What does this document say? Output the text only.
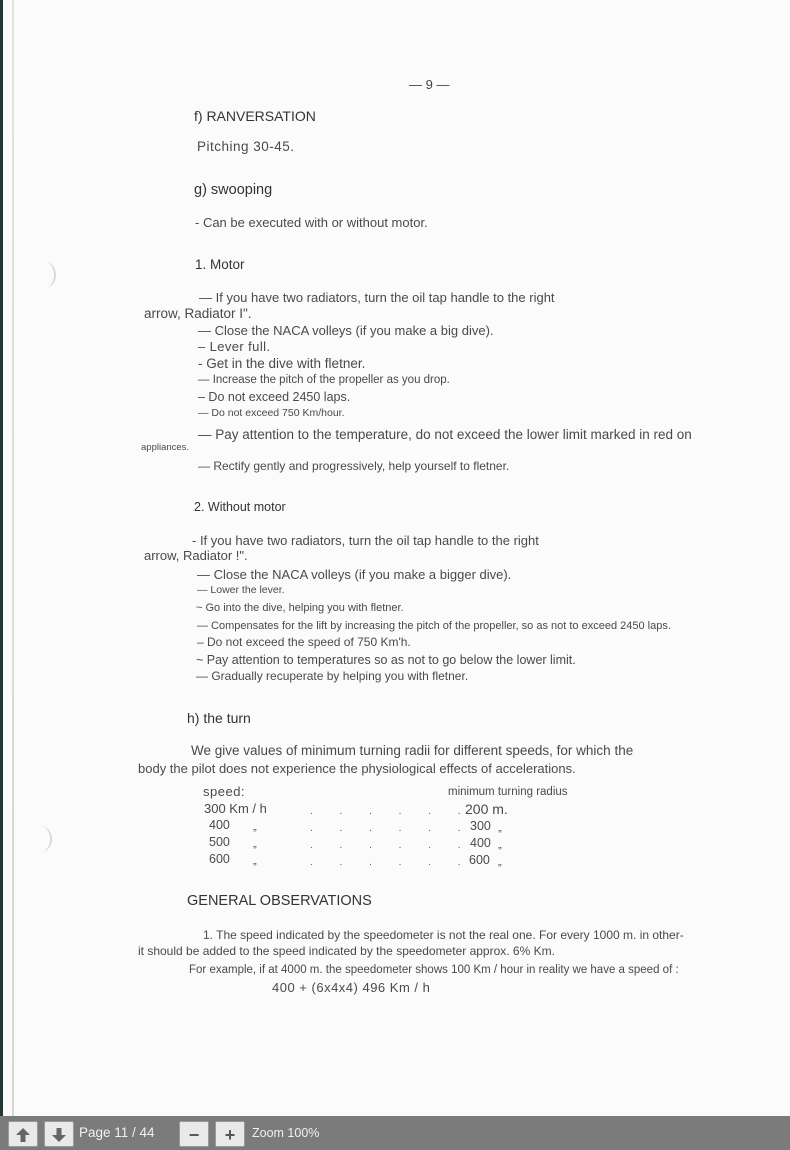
— 9 —
f) RANVERSATION
Pitching 30-45.
g) swooping
- Can be executed with or without motor.
1. Motor
— If you have two radiators, turn the oil tap handle to the right
arrow, Radiator I".
— Close the NACA volleys (if you make a big dive).
– Lever full.
- Get in the dive with fletner.
— Increase the pitch of the propeller as you drop.
– Do not exceed 2450 laps.
— Do not exceed 750 Km/hour.
— Pay attention to the temperature, do not exceed the lower limit marked in red on
appliances.
— Rectify gently and progressively, help yourself to fletner.
2. Without motor
- If you have two radiators, turn the oil tap handle to the right
arrow, Radiator !".
— Close the NACA volleys (if you make a bigger dive).
— Lower the lever.
~ Go into the dive, helping you with fletner.
— Compensates for the lift by increasing the pitch of the propeller, so as not to exceed 2450 laps.
– Do not exceed the speed of 750 Km'h.
~ Pay attention to temperatures so as not to go below the lower limit.
— Gradually recuperate by helping you with fletner.
h) the turn
We give values of minimum turning radii for different speeds, for which the
body the pilot does not experience the physiological effects of accelerations.
speed:	minimum turning radius
300 Km / h	. . . . . . 200 m.
400 „	. . . . . . 300 „
500 „	. . . . . . 400 „
600 „	. . . . . . 600 „
GENERAL OBSERVATIONS
1. The speed indicated by the speedometer is not the real one. For every 1000 m. in other-
it should be added to the speed indicated by the speedometer approx. 6% Km.
For example, if at 4000 m. the speedometer shows 100 Km / hour in reality we have a speed of :
400 + (6x4x4) 496 Km / h
Page 11 / 44	−	+	Zoom 100%
